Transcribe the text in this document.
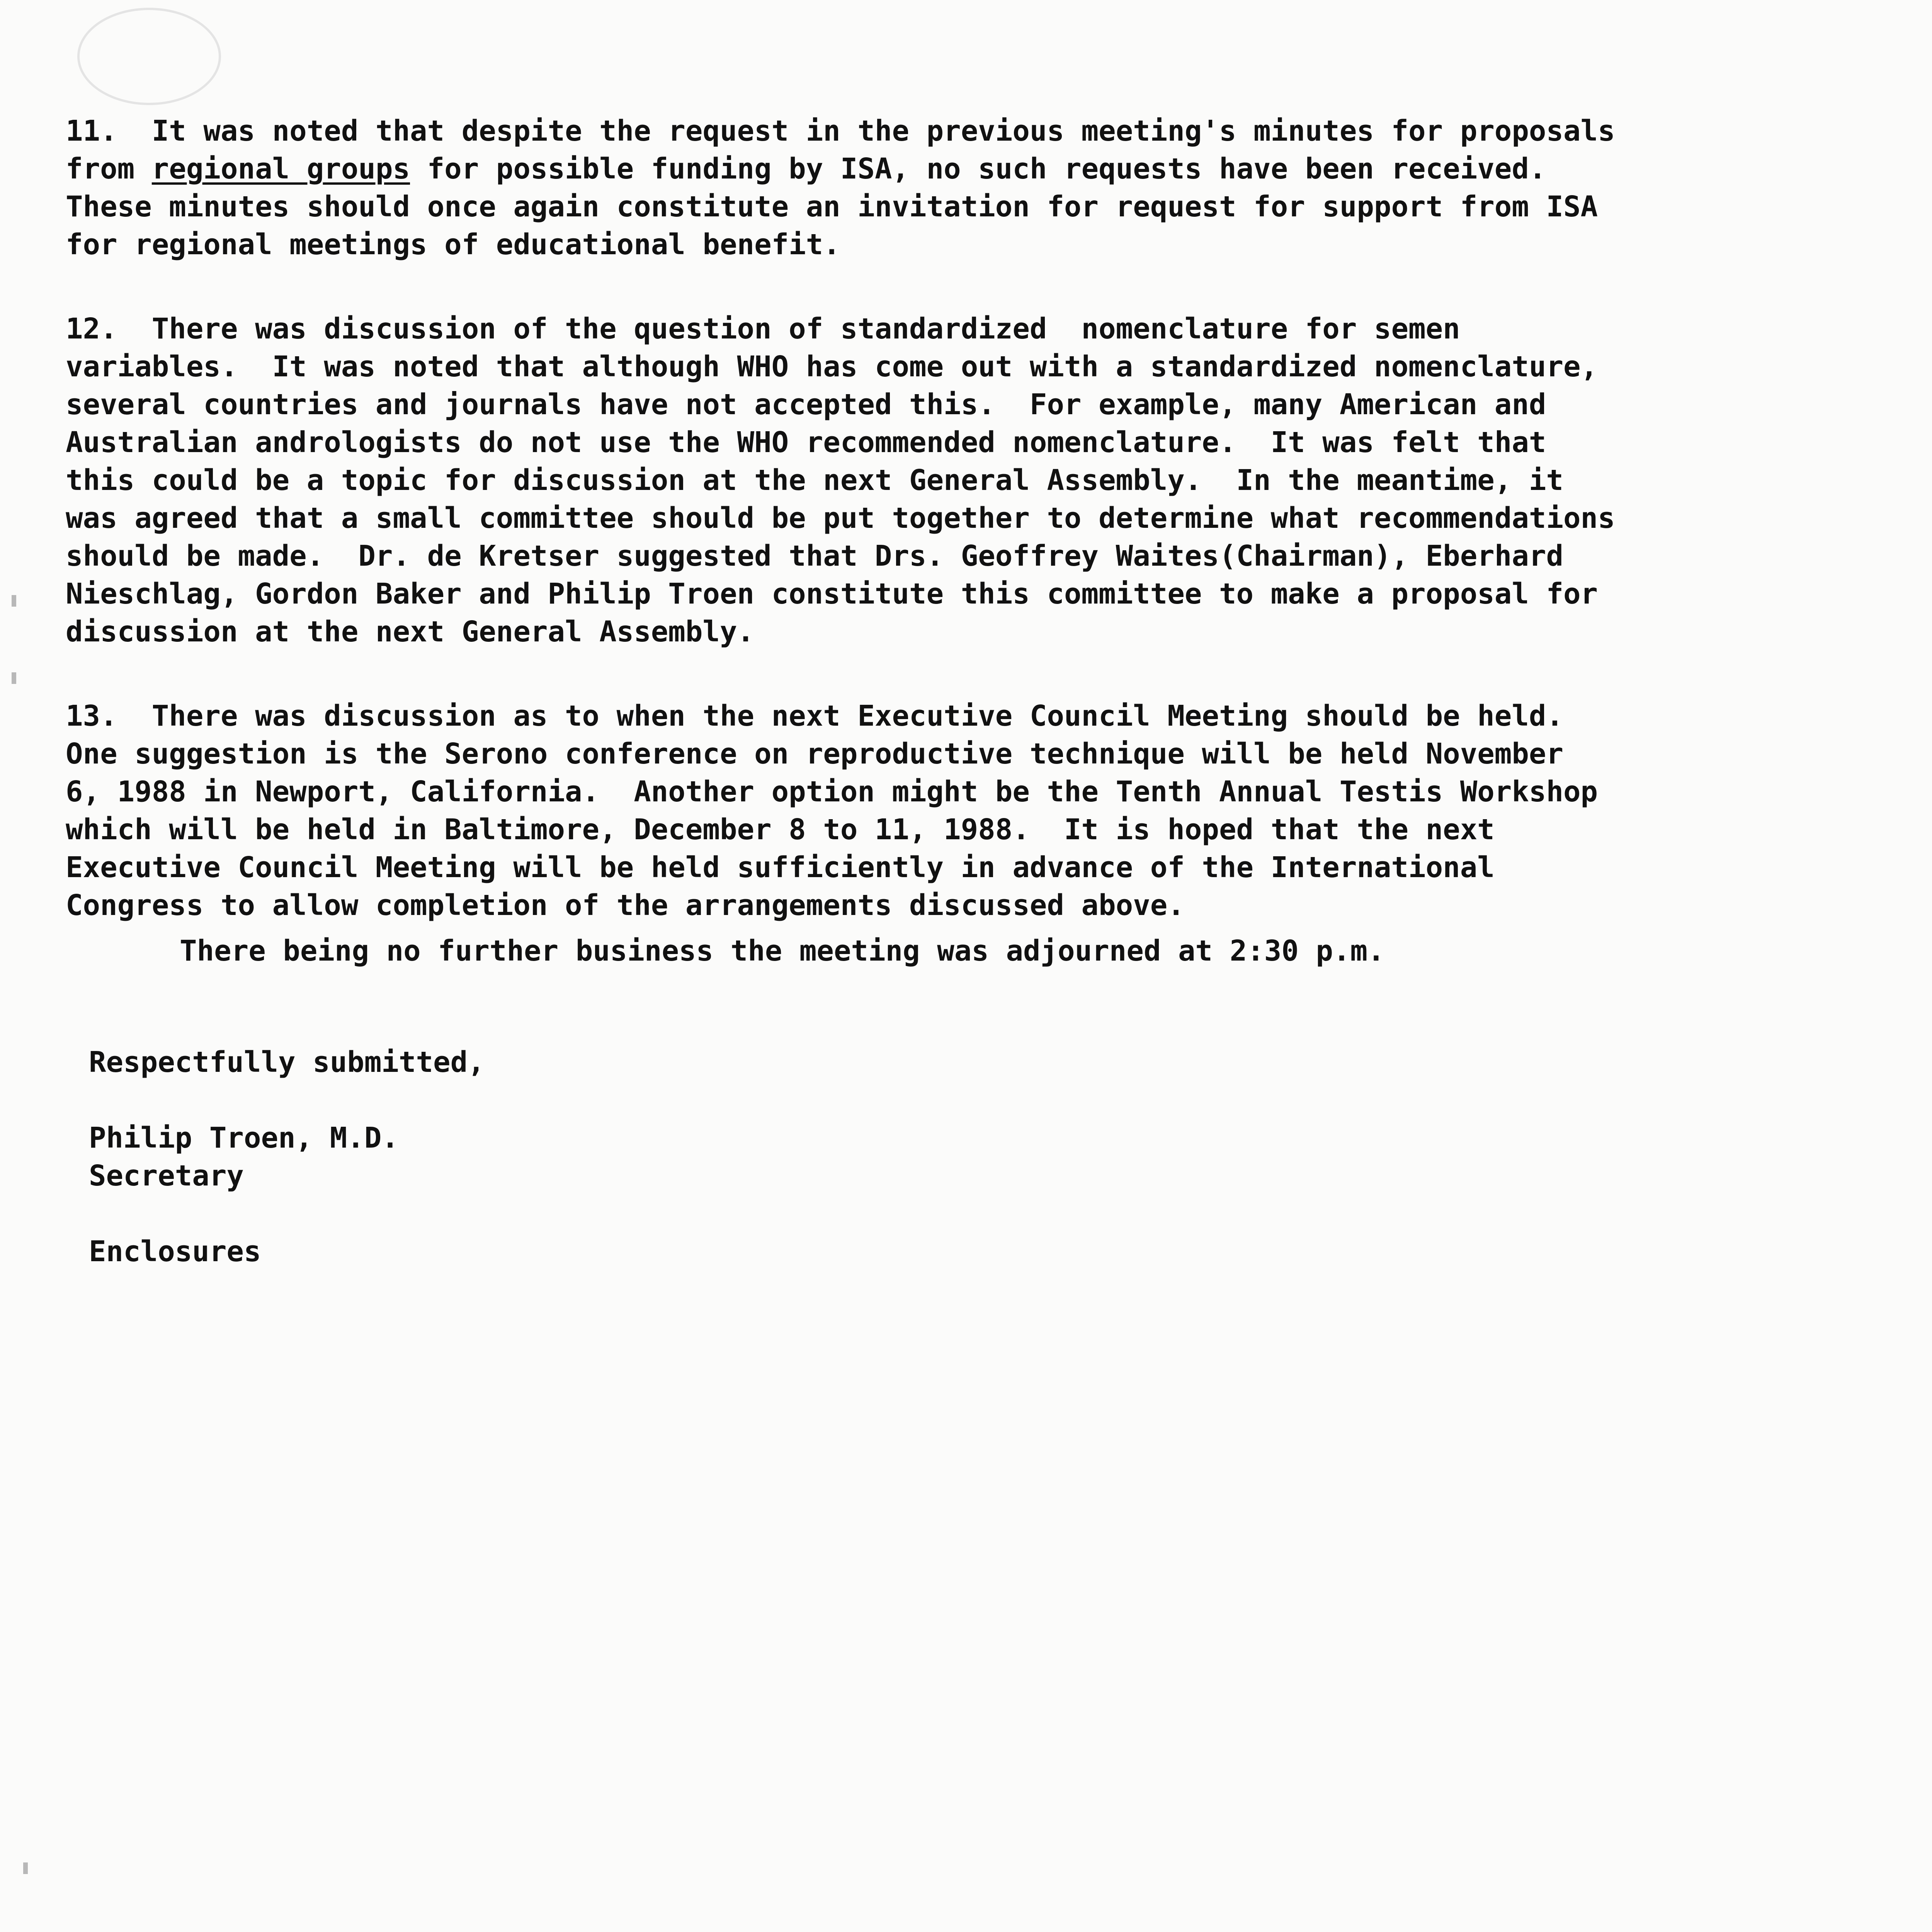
11.  It was noted that despite the request in the previous meeting's minutes for proposals
from regional groups for possible funding by ISA, no such requests have been received.
These minutes should once again constitute an invitation for request for support from ISA
for regional meetings of educational benefit.
12.  There was discussion of the question of standardized  nomenclature for semen
variables.  It was noted that although WHO has come out with a standardized nomenclature,
several countries and journals have not accepted this.  For example, many American and
Australian andrologists do not use the WHO recommended nomenclature.  It was felt that
this could be a topic for discussion at the next General Assembly.  In the meantime, it
was agreed that a small committee should be put together to determine what recommendations
should be made.  Dr. de Kretser suggested that Drs. Geoffrey Waites(Chairman), Eberhard
Nieschlag, Gordon Baker and Philip Troen constitute this committee to make a proposal for
discussion at the next General Assembly.
13.  There was discussion as to when the next Executive Council Meeting should be held.
One suggestion is the Serono conference on reproductive technique will be held November
6, 1988 in Newport, California.  Another option might be the Tenth Annual Testis Workshop
which will be held in Baltimore, December 8 to 11, 1988.  It is hoped that the next
Executive Council Meeting will be held sufficiently in advance of the International
Congress to allow completion of the arrangements discussed above.
There being no further business the meeting was adjourned at 2:30 p.m.
Respectfully submitted,
Philip Troen, M.D.
Secretary
Enclosures
